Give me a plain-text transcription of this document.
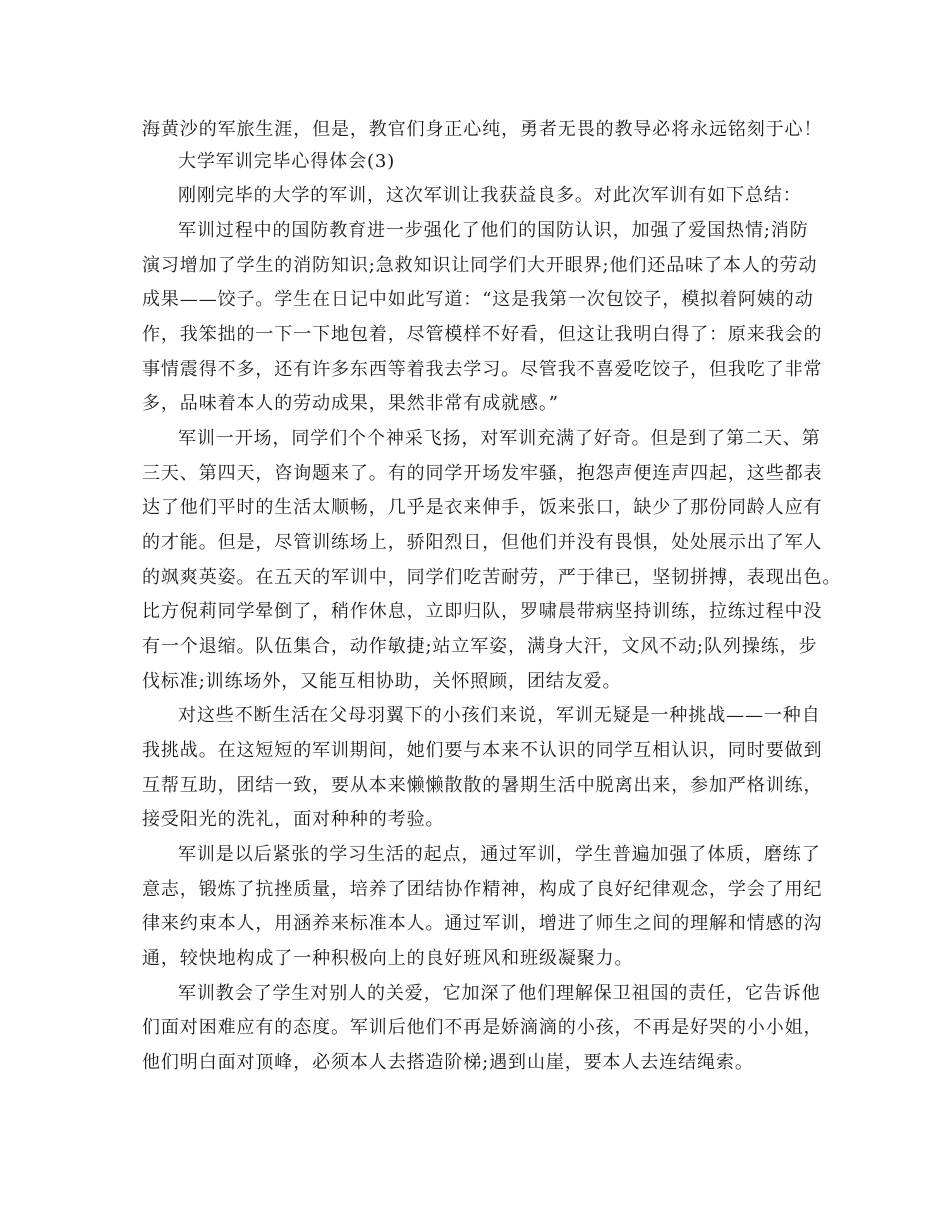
海黄沙的军旅生涯，但是，教官们身正心纯，勇者无畏的教导必将永远铭刻于心！
大学军训完毕心得体会(3)
刚刚完毕的大学的军训，这次军训让我获益良多。对此次军训有如下总结：
军训过程中的国防教育进一步强化了他们的国防认识，加强了爱国热情;消防
演习增加了学生的消防知识;急救知识让同学们大开眼界;他们还品味了本人的劳动
成果——饺子。学生在日记中如此写道：“这是我第一次包饺子，模拟着阿姨的动
作，我笨拙的一下一下地包着，尽管模样不好看，但这让我明白得了：原来我会的
事情震得不多，还有许多东西等着我去学习。尽管我不喜爱吃饺子，但我吃了非常
多，品味着本人的劳动成果，果然非常有成就感。”
军训一开场，同学们个个神采飞扬，对军训充满了好奇。但是到了第二天、第
三天、第四天，咨询题来了。有的同学开场发牢骚，抱怨声便连声四起，这些都表
达了他们平时的生活太顺畅，几乎是衣来伸手，饭来张口，缺少了那份同龄人应有
的才能。但是，尽管训练场上，骄阳烈日，但他们并没有畏惧，处处展示出了军人
的飒爽英姿。在五天的军训中，同学们吃苦耐劳，严于律已，坚韧拼搏，表现出色。
比方倪莉同学晕倒了，稍作休息，立即归队，罗啸晨带病坚持训练，拉练过程中没
有一个退缩。队伍集合，动作敏捷;站立军姿，满身大汗，文风不动;队列操练，步
伐标准;训练场外，又能互相协助，关怀照顾，团结友爱。
对这些不断生活在父母羽翼下的小孩们来说，军训无疑是一种挑战——一种自
我挑战。在这短短的军训期间，她们要与本来不认识的同学互相认识，同时要做到
互帮互助，团结一致，要从本来懒懒散散的暑期生活中脱离出来，参加严格训练，
接受阳光的洗礼，面对种种的考验。
军训是以后紧张的学习生活的起点，通过军训，学生普遍加强了体质，磨练了
意志，锻炼了抗挫质量，培养了团结协作精神，构成了良好纪律观念，学会了用纪
律来约束本人，用涵养来标准本人。通过军训，增进了师生之间的理解和情感的沟
通，较快地构成了一种积极向上的良好班风和班级凝聚力。
军训教会了学生对别人的关爱，它加深了他们理解保卫祖国的责任，它告诉他
们面对困难应有的态度。军训后他们不再是娇滴滴的小孩，不再是好哭的小小姐，
他们明白面对顶峰，必须本人去搭造阶梯;遇到山崖，要本人去连结绳索。
